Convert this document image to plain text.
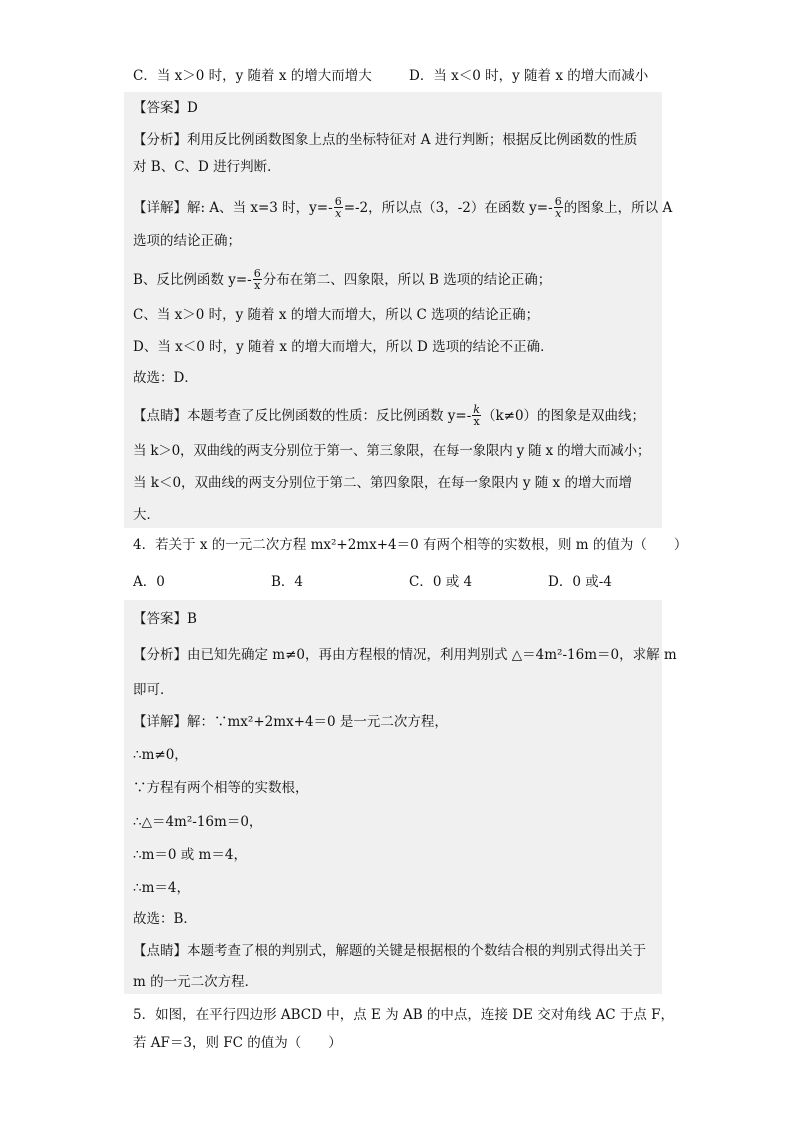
C．当 x＞0 时，y 随着 x 的增大而增大	D．当 x＜0 时，y 随着 x 的增大而减小
【答案】D
【分析】利用反比例函数图象上点的坐标特征对 A 进行判断；根据反比例函数的性质
对 B、C、D 进行判断．
【详解】解: A、当 x=3 时，$y=- \frac{6}{x} =-2$，所以点（3，-2）在函数 $y=- \frac{6}{x}$ 的图象上，所以 A
选项的结论正确；
B、反比例函数 $y=- \frac{6}{x}$ 分布在第二、四象限，所以 B 选项的结论正确；
C、当 x＞0 时，y 随着 x 的增大而增大，所以 C 选项的结论正确；
D、当 x＜0 时，y 随着 x 的增大而增大，所以 D 选项的结论不正确．
故选：D．
【点睛】本题考查了反比例函数的性质：反比例函数 $y=- \frac{k}{x} (k\ne 0)$的图象是双曲线；
当 k＞0，双曲线的两支分别位于第一、第三象限，在每一象限内 y 随 x 的增大而减小；
当 k＜0，双曲线的两支分别位于第二、第四象限，在每一象限内 y 随 x 的增大而增
大．
4．若关于 x 的一元二次方程 mx²+2mx+4＝0 有两个相等的实数根，则 m 的值为（　　）
A．0	B．4	C．0 或 4	D．0 或-4
【答案】B
【分析】由已知先确定 m≠0，再由方程根的情况，利用判别式 △＝4m²-16m＝0，求解 m
即可．
【详解】解：∵mx²+2mx+4＝0 是一元二次方程，
∴m≠0，
∵方程有两个相等的实数根，
∴△＝4m²-16m＝0，
∴m＝0 或 m＝4，
∴m＝4，
故选：B．
【点睛】本题考查了根的判别式，解题的关键是根据根的个数结合根的判别式得出关于
m 的一元二次方程．
5．如图，在平行四边形 ABCD 中，点 E 为 AB 的中点，连接 DE 交对角线 AC 于点 F，
若 AF＝3，则 FC 的值为（　　）
